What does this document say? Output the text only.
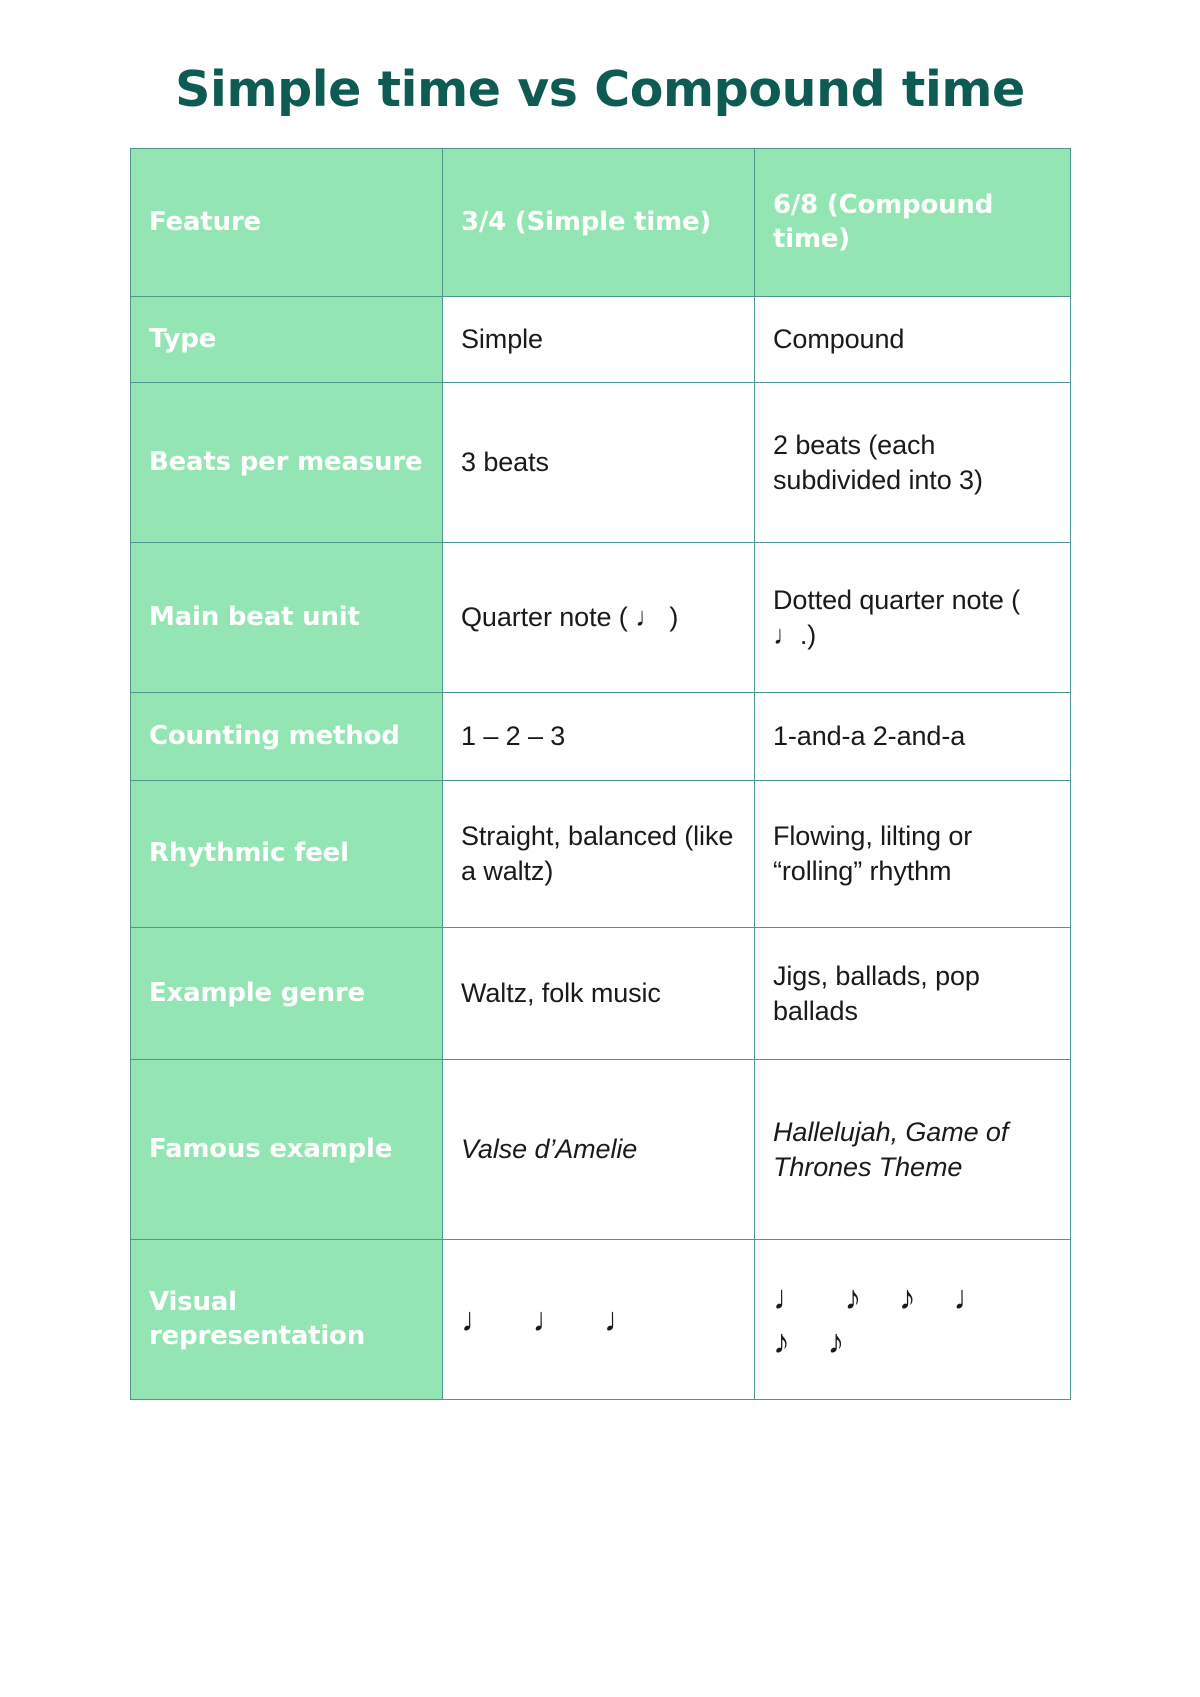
Simple time vs Compound time
Feature	3/4 (Simple time)	6/8 (Compound time)
Type	Simple	Compound
Beats per measure	3 beats	2 beats (each subdivided into 3)
Main beat unit	Quarter note ( ♩ )	Dotted quarter note ( ♩.)
Counting method	1 – 2 – 3	1-and-a 2-and-a
Rhythmic feel	Straight, balanced (like a waltz)	Flowing, lilting or “rolling” rhythm
Example genre	Waltz, folk music	Jigs, ballads, pop ballads
Famous example	Valse d’Amelie	Hallelujah, Game of Thrones Theme
Visual representation	♩ ♩ ♩	♩ ♪ ♪ ♩ ♪ ♪
